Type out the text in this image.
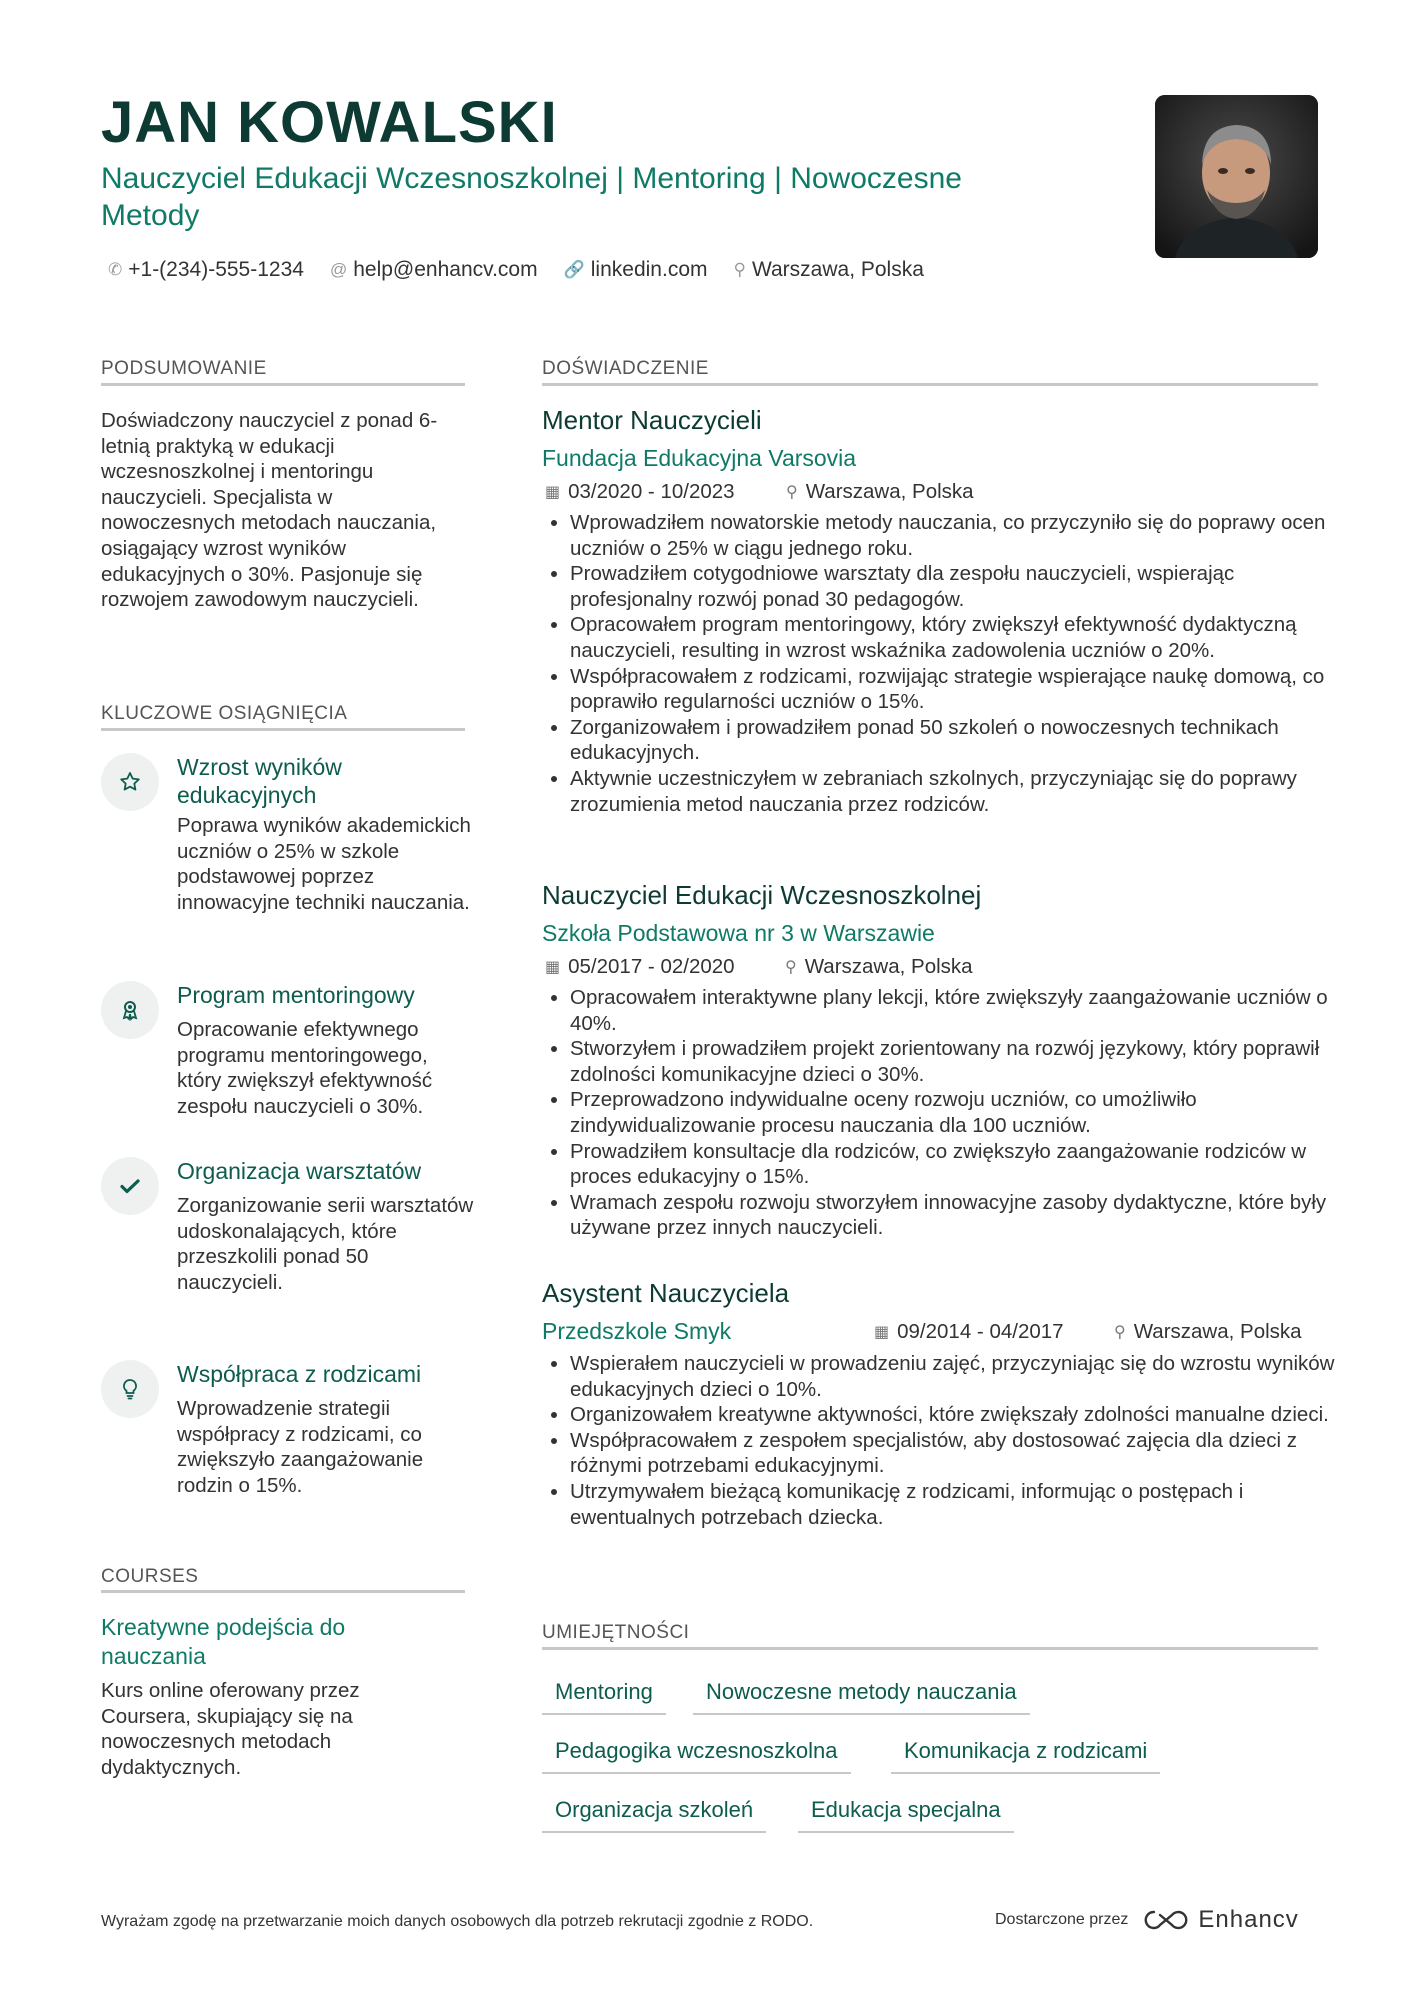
JAN KOWALSKI
Nauczyciel Edukacji Wczesnoszkolnej | Mentoring | Nowoczesne Metody
✆ +1-(234)-555-1234 @ help@enhancv.com 🔗 linkedin.com ⚲ Warszawa, Polska
PODSUMOWANIE
Doświadczony nauczyciel z ponad 6-letnią praktyką w edukacji wczesnoszkolnej i mentoringu nauczycieli. Specjalista w nowoczesnych metodach nauczania, osiągający wzrost wyników edukacyjnych o 30%. Pasjonuje się rozwojem zawodowym nauczycieli.
KLUCZOWE OSIĄGNIĘCIA
Wzrost wyników edukacyjnych
Poprawa wyników akademickich uczniów o 25% w szkole podstawowej poprzez innowacyjne techniki nauczania.
Program mentoringowy
Opracowanie efektywnego programu mentoringowego, który zwiększył efektywność zespołu nauczycieli o 30%.
Organizacja warsztatów
Zorganizowanie serii warsztatów udoskonalających, które przeszkolili ponad 50 nauczycieli.
Współpraca z rodzicami
Wprowadzenie strategii współpracy z rodzicami, co zwiększyło zaangażowanie rodzin o 15%.
COURSES
Kreatywne podejścia do nauczania
Kurs online oferowany przez Coursera, skupiający się na nowoczesnych metodach dydaktycznych.
DOŚWIADCZENIE
Mentor Nauczycieli
Fundacja Edukacyjna Varsovia
▦ 03/2020 - 10/2023	⚲ Warszawa, Polska
• Wprowadziłem nowatorskie metody nauczania, co przyczyniło się do poprawy ocen uczniów o 25% w ciągu jednego roku.
• Prowadziłem cotygodniowe warsztaty dla zespołu nauczycieli, wspierając profesjonalny rozwój ponad 30 pedagogów.
• Opracowałem program mentoringowy, który zwiększył efektywność dydaktyczną nauczycieli, resulting in wzrost wskaźnika zadowolenia uczniów o 20%.
• Współpracowałem z rodzicami, rozwijając strategie wspierające naukę domową, co poprawiło regularności uczniów o 15%.
• Zorganizowałem i prowadziłem ponad 50 szkoleń o nowoczesnych technikach edukacyjnych.
• Aktywnie uczestniczyłem w zebraniach szkolnych, przyczyniając się do poprawy zrozumienia metod nauczania przez rodziców.
Nauczyciel Edukacji Wczesnoszkolnej
Szkoła Podstawowa nr 3 w Warszawie
▦ 05/2017 - 02/2020	⚲ Warszawa, Polska
• Opracowałem interaktywne plany lekcji, które zwiększyły zaangażowanie uczniów o 40%.
• Stworzyłem i prowadziłem projekt zorientowany na rozwój językowy, który poprawił zdolności komunikacyjne dzieci o 30%.
• Przeprowadzono indywidualne oceny rozwoju uczniów, co umożliwiło zindywidualizowanie procesu nauczania dla 100 uczniów.
• Prowadziłem konsultacje dla rodziców, co zwiększyło zaangażowanie rodziców w proces edukacyjny o 15%.
• Wramach zespołu rozwoju stworzyłem innowacyjne zasoby dydaktyczne, które były używane przez innych nauczycieli.
Asystent Nauczyciela
Przedszkole Smyk	▦ 09/2014 - 04/2017	⚲ Warszawa, Polska
• Wspierałem nauczycieli w prowadzeniu zajęć, przyczyniając się do wzrostu wyników edukacyjnych dzieci o 10%.
• Organizowałem kreatywne aktywności, które zwiększały zdolności manualne dzieci.
• Współpracowałem z zespołem specjalistów, aby dostosować zajęcia dla dzieci z różnymi potrzebami edukacyjnymi.
• Utrzymywałem bieżącą komunikację z rodzicami, informując o postępach i ewentualnych potrzebach dziecka.
UMIEJĘTNOŚCI
Mentoring	Nowoczesne metody nauczania
Pedagogika wczesnoszkolna	Komunikacja z rodzicami
Organizacja szkoleń	Edukacja specjalna
Wyrażam zgodę na przetwarzanie moich danych osobowych dla potrzeb rekrutacji zgodnie z RODO.	Dostarczone przez	Enhancv
